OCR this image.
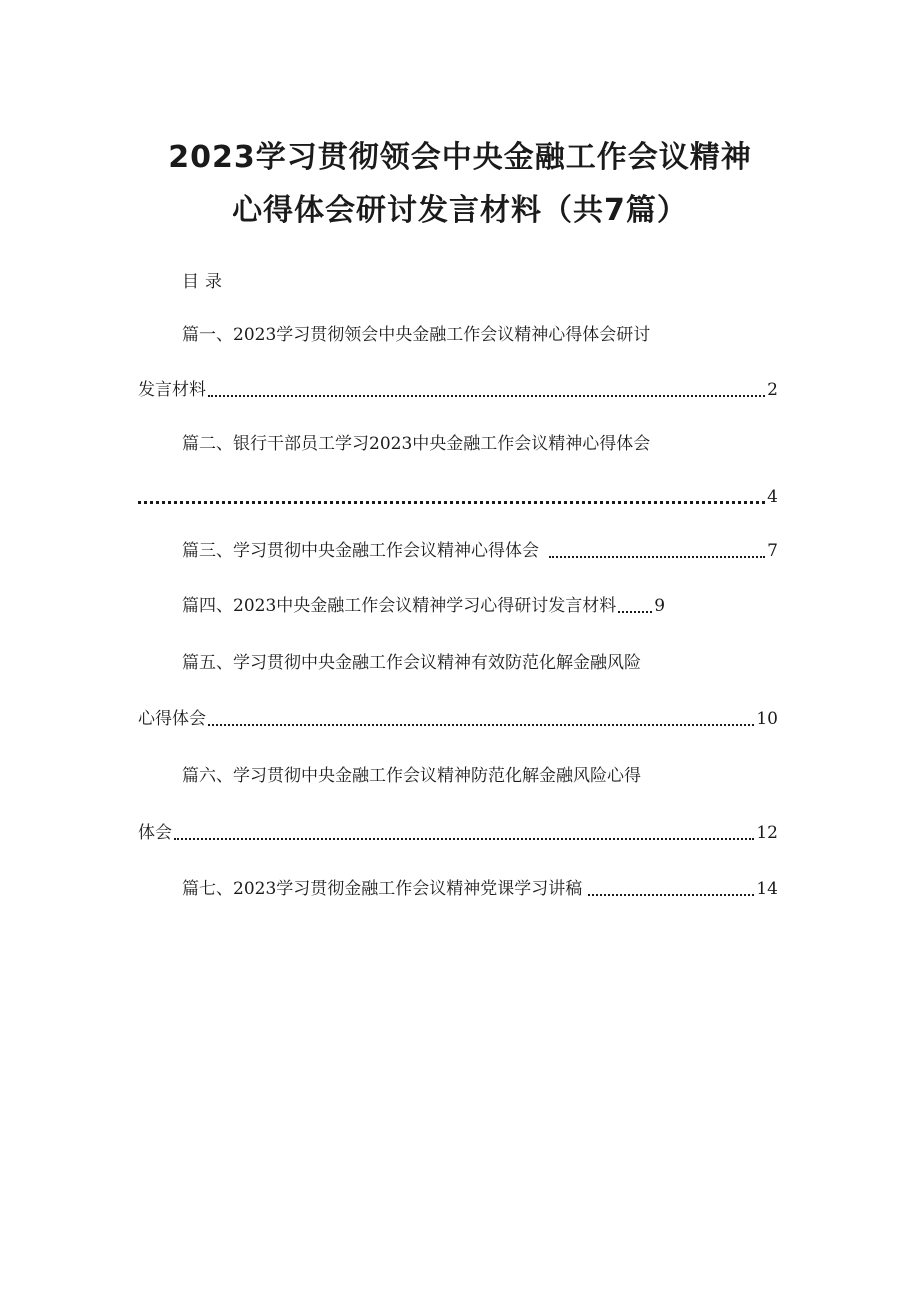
2023学习贯彻领会中央金融工作会议精神
心得体会研讨发言材料（共7篇）
目录
篇一、2023学习贯彻领会中央金融工作会议精神心得体会研讨
发言材料	2
篇二、银行干部员工学习2023中央金融工作会议精神心得体会
4
篇三、学习贯彻中央金融工作会议精神心得体会	7
篇四、2023中央金融工作会议精神学习心得研讨发言材料 9
篇五、学习贯彻中央金融工作会议精神有效防范化解金融风险
心得体会	10
篇六、学习贯彻中央金融工作会议精神防范化解金融风险心得
体会	12
篇七、2023学习贯彻金融工作会议精神党课学习讲稿	14
